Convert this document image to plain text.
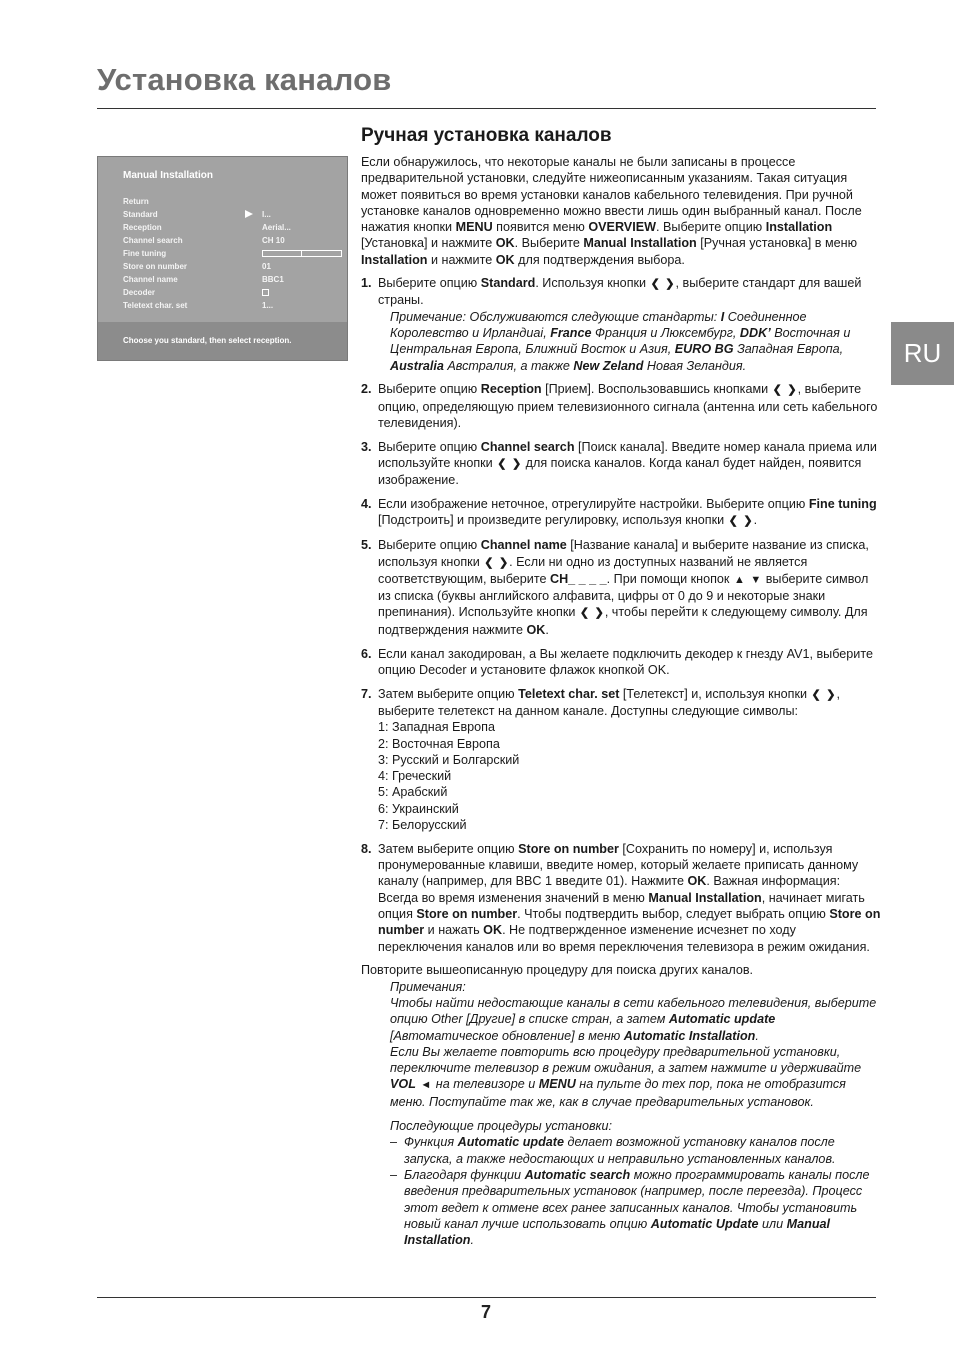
Установка каналов
RU
Manual Installation
Return
Standard	I...
Reception	Aerial...
Channel search	CH 10
Fine tuning
Store on number	01
Channel name	BBC1
Decoder
Teletext char. set	1...
Choose you standard, then select reception.
Ручная установка каналов

Если обнаружилось, что некоторые каналы не были записаны в процессе предварительной установки, следуйте нижеописанным указаниям. Такая ситуация может появиться во время установки каналов кабельного телевидения. При ручной установке каналов одновременно можно ввести лишь один выбранный канал. После нажатия кнопки MENU появится меню OVERVIEW. Выберите опцию Installation [Установка] и нажмите OK. Выберите Manual Installation [Ручная установка] в меню Installation и нажмите OK для подтверждения выбора.

1. Выберите опцию Standard. Используя кнопки ❮ ❯, выберите стандарт для вашей страны.

Примечание: Обслуживаются следующие стандарты: I Соединенное Королевство и Ирландиаi, France Франция и Люксембург, DDK’ Восточная и Центральная Европа, Ближний Восток и Азия, EURO BG Западная Европа, Australia Австралия, а также New Zeland Новая Зеландия.

2. Выберите опцию Reception [Прием]. Воспользовавшись кнопками ❮ ❯, выберите опцию, определяющую прием телевизионного сигнала (антенна или сеть кабельного телевидения).

3. Выберите опцию Channel search [Поиск канала]. Введите номер канала приема или используйте кнопки ❮ ❯ для поиска каналов. Когда канал будет найден, появится изображение.

4. Если изображение неточное, отрегулируйте настройки. Выберите опцию Fine tuning [Подстроить] и произведите регулировку, используя кнопки ❮ ❯.

5. Выберите опцию Channel name [Название канала] и выберите название из списка, используя кнопки ❮ ❯. Если ни одно из доступных названий не является соответствующим, выберите CH_ _ _ _. При помощи кнопок ▲ ▼ выберите символ из списка (буквы английского алфавита, цифры от 0 до 9 и некоторые знаки препинания). Используйте кнопки ❮ ❯, чтобы перейти к следующему символу. Для подтверждения нажмите OK.

6. Если канал закодирован, а Вы желаете подключить декодер к гнезду AV1, выберите опцию Decoder и установите флажок кнопкой OK.

7. Затем выберите опцию Teletext char. set [Телетекст] и, используя кнопки ❮ ❯, выберите телетекст на данном канале. Доступны следующие символы:

1: Западная Европа
2: Восточная Европа
3: Русский и Болгарский
4: Греческий
5: Арабский
6: Украинский
7: Белорусский
8. Затем выберите опцию Store on number [Сохранить по номеру] и, используя пронумерованные клавиши, введите номер, который желаете приписать данному каналу (например, для BBC 1 введите 01). Нажмите OK. Важная информация: Всегда во время изменения значений в меню Manual Installation, начинает мигать опция Store on number. Чтобы подтвердить выбор, следует выбрать опцию Store on number и нажать OK. Не подтвержденное изменение исчезнет по ходу переключения каналов или во время переключения телевизора в режим ожидания.

Повторите вышеописанную процедуру для поиска других каналов.

Примечания:

Чтобы найти недостающие каналы в сети кабельного телевидения, выберите опцию Other [Другие] в списке стран, а затем Automatic update [Автоматическое обновление] в меню Automatic Installation.

Если Вы желаете повторить всю процедуру предварительной установки, переключите телевизор в режим ожидания, а затем нажмите и удерживайте VOL ◄ на телевизоре и MENU на пульте до тех пор, пока не отобразится меню. Поступайте так же, как в случае предварительных установок.

Последующие процедуры установки:

– Функция Automatic update делает возможной установку каналов после запуска, а также недостающих и неправильно установленных каналов.

– Благодаря функции Automatic search можно программировать каналы после введения предварительных установок (например, после переезда). Процесс этот ведет к отмене всех ранее записанных каналов. Чтобы установить новый канал лучше использовать опцию Automatic Update или Manual Installation.

7
